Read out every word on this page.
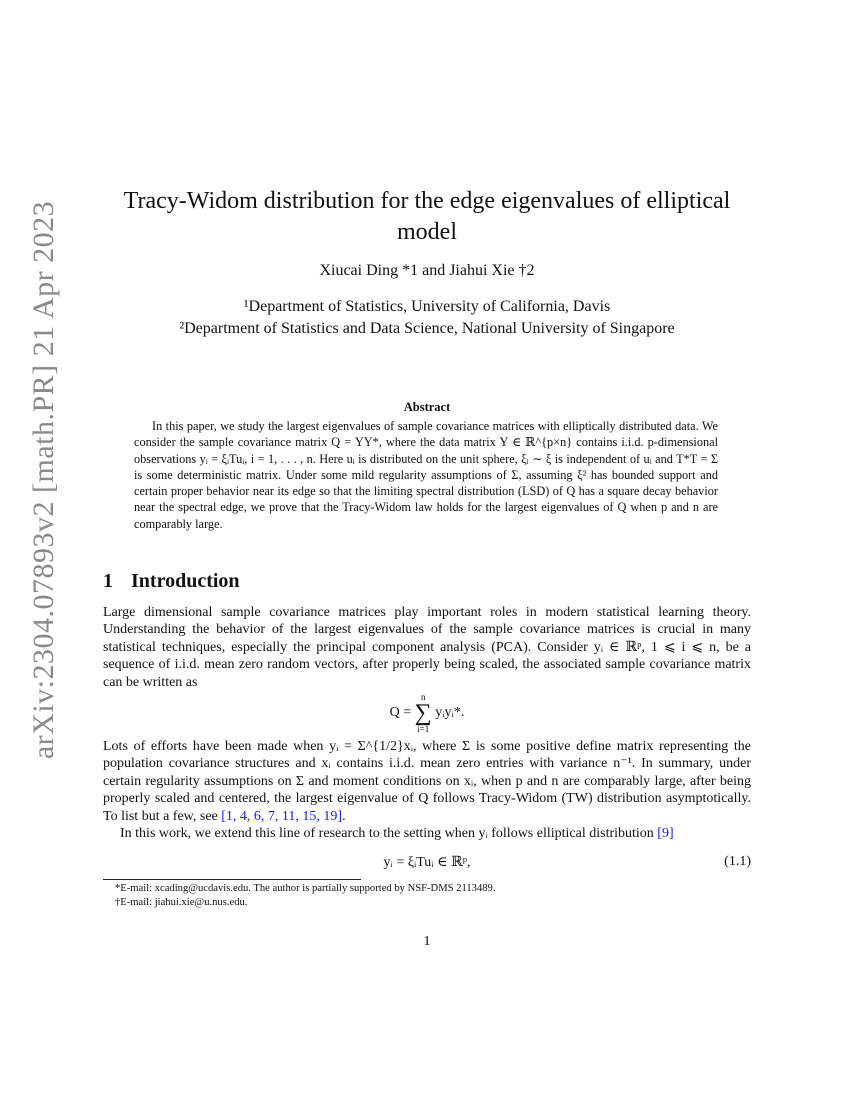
arXiv:2304.07893v2 [math.PR] 21 Apr 2023	Tracy-Widom distribution for the edge eigenvalues of elliptical model
Xiucai Ding *1 and Jiahui Xie †2
¹Department of Statistics, University of California, Davis
²Department of Statistics and Data Science, National University of Singapore
Abstract

In this paper, we study the largest eigenvalues of sample covariance matrices with elliptically distributed data. We consider the sample covariance matrix Q = YY*, where the data matrix Y ∈ ℝ^{p×n} contains i.i.d. p-dimensional observations yᵢ = ξᵢTuᵢ, i = 1, . . . , n. Here uᵢ is distributed on the unit sphere, ξᵢ ∼ ξ is independent of uᵢ and T*T = Σ is some deterministic matrix. Under some mild regularity assumptions of Σ, assuming ξ² has bounded support and certain proper behavior near its edge so that the limiting spectral distribution (LSD) of Q has a square decay behavior near the spectral edge, we prove that the Tracy-Widom law holds for the largest eigenvalues of Q when p and n are comparably large.

1 Introduction

Large dimensional sample covariance matrices play important roles in modern statistical learning theory. Understanding the behavior of the largest eigenvalues of the sample covariance matrices is crucial in many statistical techniques, especially the principal component analysis (PCA). Consider yᵢ ∈ ℝᵖ, 1 ⩽ i ⩽ n, be a sequence of i.i.d. mean zero random vectors, after properly being scaled, the associated sample covariance matrix can be written as

Q =
n
∑
i=1
yᵢyᵢ*.

Lots of efforts have been made when yᵢ = Σ^{1/2}xᵢ, where Σ is some positive define matrix representing the population covariance structures and xᵢ contains i.i.d. mean zero entries with variance n⁻¹. In summary, under certain regularity assumptions on Σ and moment conditions on xᵢ, when p and n are comparably large, after being properly scaled and centered, the largest eigenvalue of Q follows Tracy-Widom (TW) distribution asymptotically. To list but a few, see [1, 4, 6, 7, 11, 15, 19].

In this work, we extend this line of research to the setting when yᵢ follows elliptical distribution [9]

yᵢ = ξᵢTuᵢ ∈ ℝᵖ,	(1.1)

*E-mail: xcading@ucdavis.edu. The author is partially supported by NSF-DMS 2113489.

†E-mail: jiahui.xie@u.nus.edu.

1
